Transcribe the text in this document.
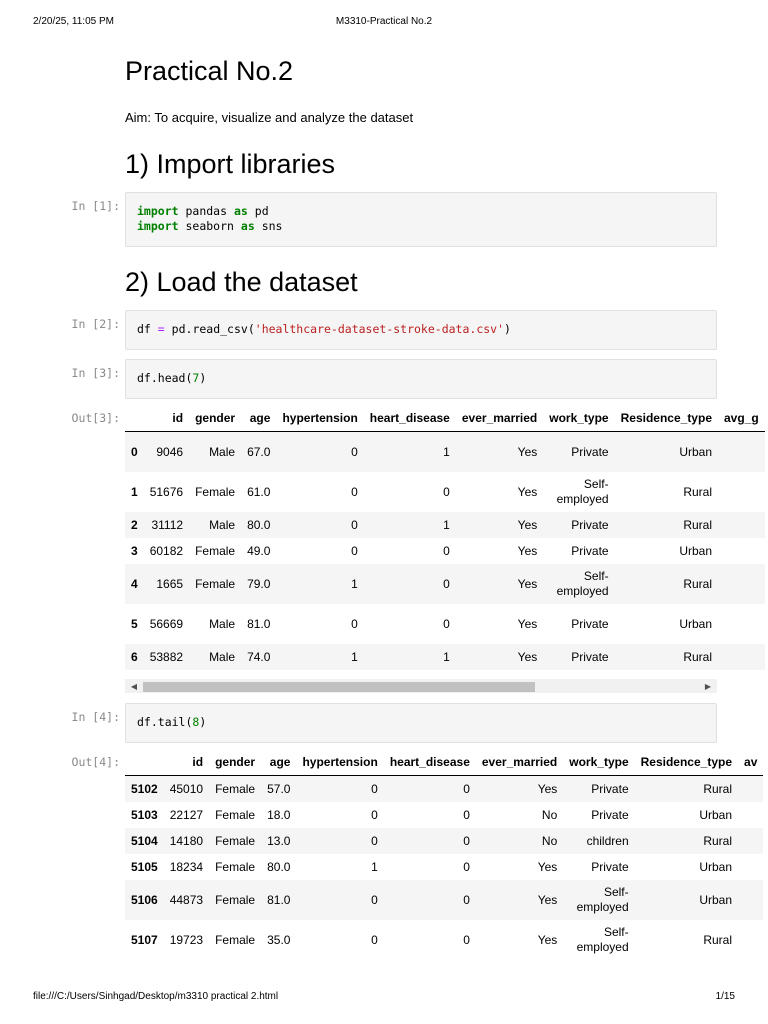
2/20/25, 11:05 PM	M3310-Practical No.2
Practical No.2

Aim: To acquire, visualize and analyze the dataset

1) Import libraries
In [1]:	import pandas as pd
import seaborn as sns
2) Load the dataset
In [2]:	df = pd.read_csv('healthcare-dataset-stroke-data.csv')
In [3]:	df.head(7)
Out[3]:
		id	gender	age	hypertension	heart_disease	ever_married	work_type	Residence_type	avg_g
0	9046	Male	67.0	0	1	Yes	Private	Urban	
1	51676	Female	61.0	0	0	Yes	Self- employed	Rural	
2	31112	Male	80.0	0	1	Yes	Private	Rural	
3	60182	Female	49.0	0	0	Yes	Private	Urban	
4	1665	Female	79.0	1	0	Yes	Self- employed	Rural	
5	56669	Male	81.0	0	0	Yes	Private	Urban	
6	53882	Male	74.0	1	1	Yes	Private	Rural	
◀	▶
In [4]:	df.tail(8)
Out[4]:
		id	gender	age	hypertension	heart_disease	ever_married	work_type	Residence_type	av
5102	45010	Female	57.0	0	0	Yes	Private	Rural	
5103	22127	Female	18.0	0	0	No	Private	Urban	
5104	14180	Female	13.0	0	0	No	children	Rural	
5105	18234	Female	80.0	1	0	Yes	Private	Urban	
5106	44873	Female	81.0	0	0	Yes	Self- employed	Urban	
5107	19723	Female	35.0	0	0	Yes	Self- employed	Rural	
file:///C:/Users/Sinhgad/Desktop/m3310 practical 2.html	1/15
